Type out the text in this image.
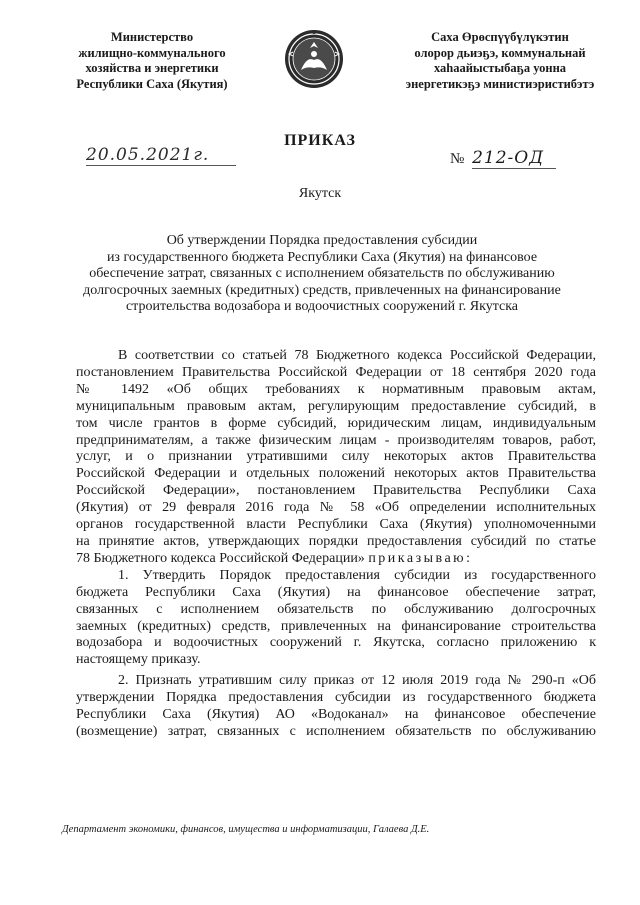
Министерство
жилищно-коммунального
хозяйства и энергетики
Республики Саха (Якутия)
Саха Өрөспүүбүлүкэтин
олорор дьиэҕэ, коммунальнай
хаһаайыстыбаҕа уонна
энергетикэҕэ министиэристибэтэ
ПРИКАЗ
20.05.2021г.	№ 212-ОД
Якутск
Об утверждении Порядка предоставления субсидии
из государственного бюджета Республики Саха (Якутия) на финансовое
обеспечение затрат, связанных с исполнением обязательств по обслуживанию
долгосрочных заемных (кредитных) средств, привлеченных на финансирование
строительства водозабора и водоочистных сооружений г. Якутска

В соответствии со статьей 78 Бюджетного кодекса Российской Федерации,
постановлением Правительства Российской Федерации от 18 сентября 2020 года
№ 1492 «Об общих требованиях к нормативным правовым актам,
муниципальным правовым актам, регулирующим предоставление субсидий, в
том числе грантов в форме субсидий, юридическим лицам, индивидуальным
предпринимателям, а также физическим лицам - производителям товаров, работ,
услуг, и о признании утратившими силу некоторых актов Правительства
Российской Федерации и отдельных положений некоторых актов Правительства
Российской Федерации», постановлением Правительства Республики Саха
(Якутия) от 29 февраля 2016 года № 58 «Об определении исполнительных
органов государственной власти Республики Саха (Якутия) уполномоченными
на принятие актов, утверждающих порядки предоставления субсидий по статье
78 Бюджетного кодекса Российской Федерации» приказываю:

1. Утвердить Порядок предоставления субсидии из государственного
бюджета Республики Саха (Якутия) на финансовое обеспечение затрат,
связанных с исполнением обязательств по обслуживанию долгосрочных
заемных (кредитных) средств, привлеченных на финансирование строительства
водозабора и водоочистных сооружений г. Якутска, согласно приложению к
настоящему приказу.

2. Признать утратившим силу приказ от 12 июля 2019 года № 290-п «Об
утверждении Порядка предоставления субсидии из государственного бюджета
Республики Саха (Якутия) АО «Водоканал» на финансовое обеспечение
(возмещение) затрат, связанных с исполнением обязательств по обслуживанию

Департамент экономики, финансов, имущества и информатизации, Галаева Д.Е.
